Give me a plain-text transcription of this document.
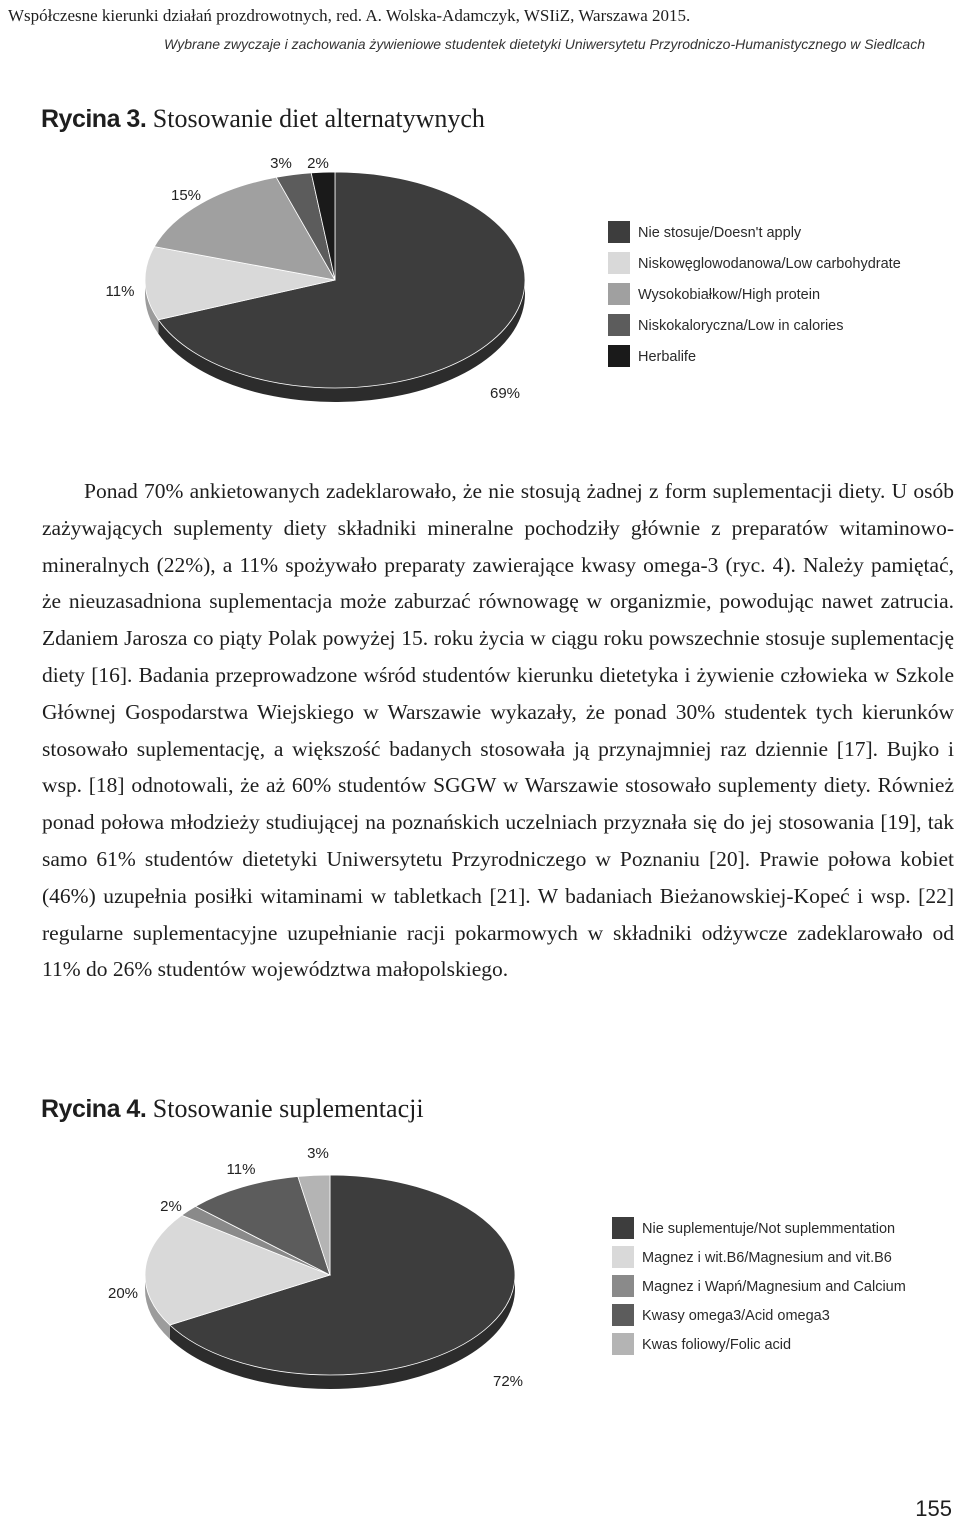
Współczesne kierunki działań prozdrowotnych, red. A. Wolska-Adamczyk, WSIiZ, Warszawa 2015.
Wybrane zwyczaje i zachowania żywieniowe studentek dietetyki Uniwersytetu Przyrodniczo-Humanistycznego w Siedlcach
Rycina 3. Stosowanie diet alternatywnych
69%
11%
15%
3% 2%
Nie stosuje/Doesn't apply
Niskowęglowodanowa/Low carbohydrate
Wysokobiałkow/High protein
Niskokaloryczna/Low in calories
Herbalife

Ponad 70% ankietowanych zadeklarowało, że nie stosują żadnej z form suplementacji diety. U osób zażywających suplementy diety składniki mineralne pochodziły głównie z preparatów witaminowo-mineralnych (22%), a 11% spożywało preparaty zawierające kwasy omega-3 (ryc. 4). Należy pamiętać, że nieuzasadniona suplementacja może zaburzać równowagę w organizmie, powodując nawet zatrucia. Zdaniem Jarosza co piąty Polak powyżej 15. roku życia w ciągu roku powszechnie stosuje suplementację diety [16]. Badania przeprowadzone wśród studentów kierunku dietetyka i żywienie człowieka w Szkole Głównej Gospodarstwa Wiejskiego w Warszawie wykazały, że ponad 30% studentek tych kierunków stosowało suplementację, a większość badanych stosowała ją przynajmniej raz dziennie [17]. Bujko i wsp. [18] odnotowali, że aż 60% studentów SGGW w Warszawie stosowało suplementy diety. Również ponad połowa młodzieży studiującej na poznańskich uczelniach przyznała się do jej stosowania [19], tak samo 61% studentów dietetyki Uniwersytetu Przyrodniczego w Poznaniu [20]. Prawie połowa kobiet (46%) uzupełnia posiłki witaminami w tabletkach [21]. W badaniach Bieżanowskiej-Kopeć i wsp. [22] regularne suplementacyjne uzupełnianie racji pokarmowych w składniki odżywcze zadeklarowało od 11% do 26% studentów województwa małopolskiego.

Rycina 4. Stosowanie suplementacji
72%
20%
2%
11%
3%
Nie suplementuje/Not suplemmentation
Magnez i wit.B6/Magnesium and vit.B6
Magnez i Wapń/Magnesium and Calcium
Kwasy omega3/Acid omega3
Kwas foliowy/Folic acid
155
